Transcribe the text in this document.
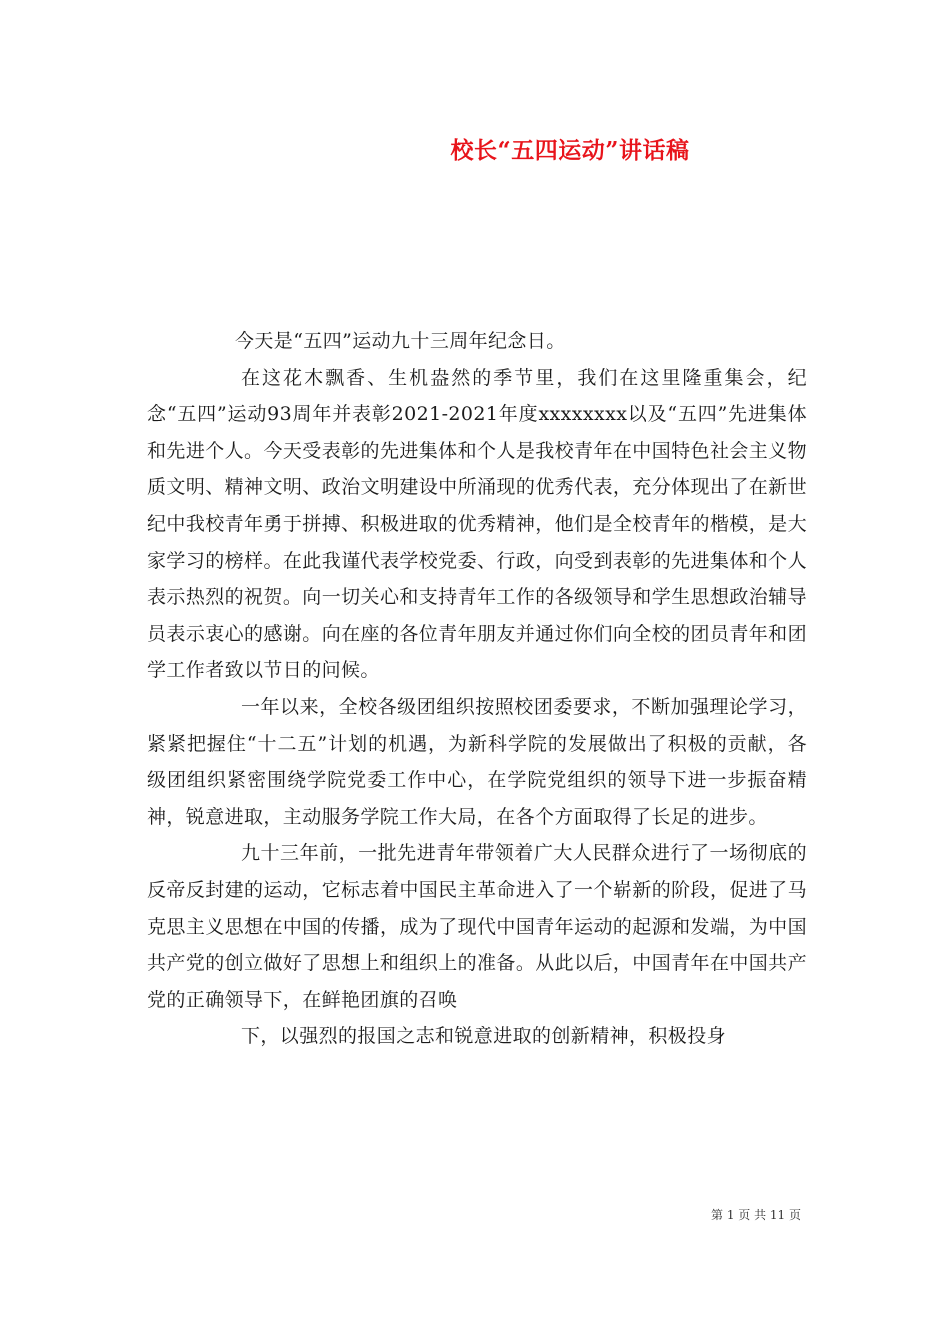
校长“五四运动”讲话稿

今天是“五四”运动九十三周年纪念日。

在这花木飘香、生机盎然的季节里，我们在这里隆重集会，纪念“五四”运动93周年并表彰2021-2021年度xxxxxxxx以及“五四”先进集体和先进个人。今天受表彰的先进集体和个人是我校青年在中国特色社会主义物质文明、精神文明、政治文明建设中所涌现的优秀代表，充分体现出了在新世纪中我校青年勇于拼搏、积极进取的优秀精神，他们是全校青年的楷模，是大家学习的榜样。在此我谨代表学校党委、行政，向受到表彰的先进集体和个人表示热烈的祝贺。向一切关心和支持青年工作的各级领导和学生思想政治辅导员表示衷心的感谢。向在座的各位青年朋友并通过你们向全校的团员青年和团学工作者致以节日的问候。

一年以来，全校各级团组织按照校团委要求，不断加强理论学习，紧紧把握住“十二五”计划的机遇，为新科学院的发展做出了积极的贡献，各级团组织紧密围绕学院党委工作中心，在学院党组织的领导下进一步振奋精神，锐意进取，主动服务学院工作大局，在各个方面取得了长足的进步。

九十三年前，一批先进青年带领着广大人民群众进行了一场彻底的反帝反封建的运动，它标志着中国民主革命进入了一个崭新的阶段，促进了马克思主义思想在中国的传播，成为了现代中国青年运动的起源和发端，为中国共产党的创立做好了思想上和组织上的准备。从此以后，中国青年在中国共产党的正确领导下，在鲜艳团旗的召唤

下，以强烈的报国之志和锐意进取的创新精神，积极投身

第 1 页 共 11 页
